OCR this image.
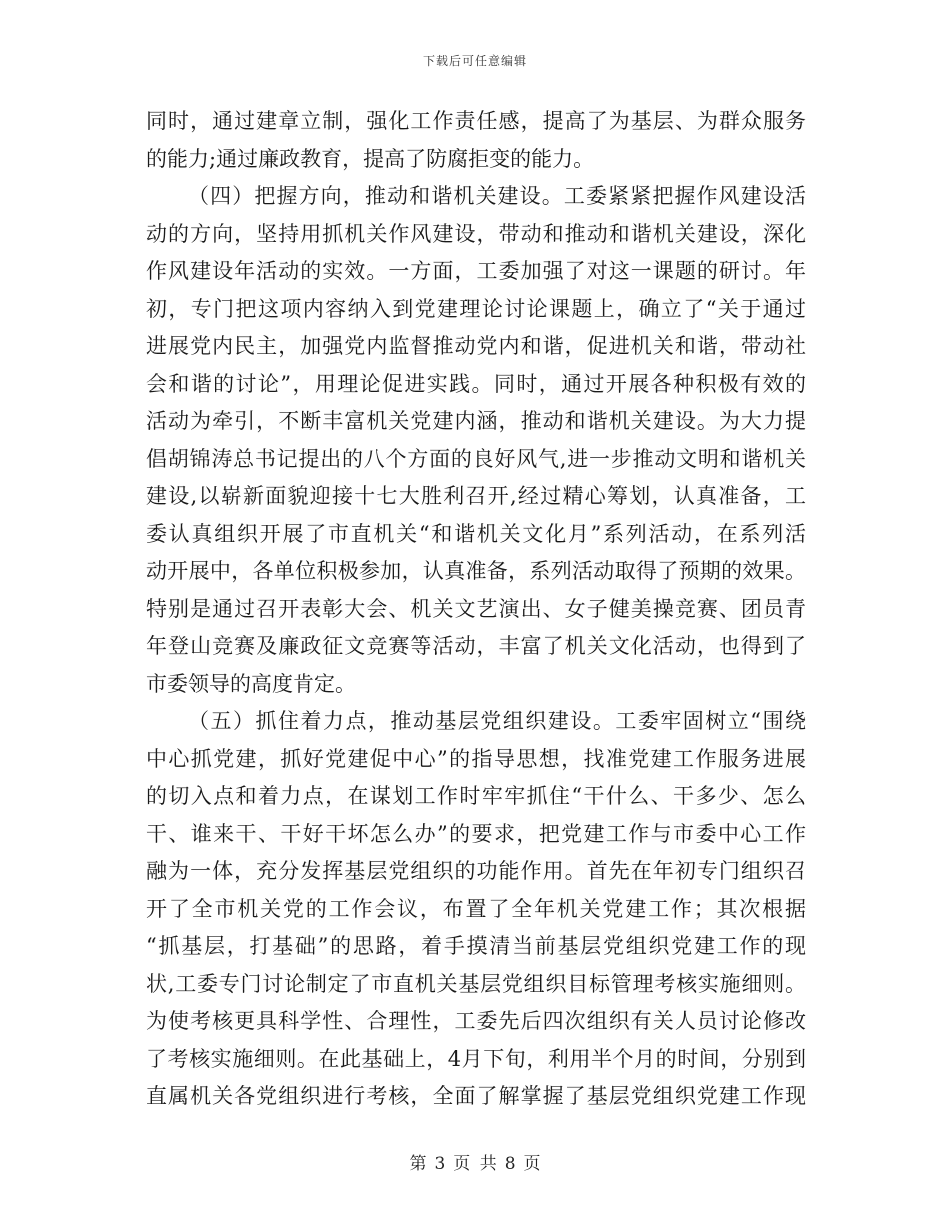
下载后可任意编辑
同时，通过建章立制，强化工作责任感，提高了为基层、为群众服务
的能力;通过廉政教育，提高了防腐拒变的能力。
（四）把握方向，推动和谐机关建设。工委紧紧把握作风建设活
动的方向，坚持用抓机关作风建设，带动和推动和谐机关建设，深化
作风建设年活动的实效。一方面，工委加强了对这一课题的研讨。年
初，专门把这项内容纳入到党建理论讨论课题上，确立了“关于通过
进展党内民主，加强党内监督推动党内和谐，促进机关和谐，带动社
会和谐的讨论”，用理论促进实践。同时，通过开展各种积极有效的
活动为牵引，不断丰富机关党建内涵，推动和谐机关建设。为大力提
倡胡锦涛总书记提出的八个方面的良好风气,进一步推动文明和谐机关
建设,以崭新面貌迎接十七大胜利召开,经过精心筹划，认真准备，工
委认真组织开展了市直机关“和谐机关文化月”系列活动，在系列活
动开展中，各单位积极参加，认真准备，系列活动取得了预期的效果。
特别是通过召开表彰大会、机关文艺演出、女子健美操竞赛、团员青
年登山竞赛及廉政征文竞赛等活动，丰富了机关文化活动，也得到了
市委领导的高度肯定。
（五）抓住着力点，推动基层党组织建设。工委牢固树立“围绕
中心抓党建，抓好党建促中心”的指导思想，找准党建工作服务进展
的切入点和着力点，在谋划工作时牢牢抓住“干什么、干多少、怎么
干、谁来干、干好干坏怎么办”的要求，把党建工作与市委中心工作
融为一体，充分发挥基层党组织的功能作用。首先在年初专门组织召
开了全市机关党的工作会议，布置了全年机关党建工作；其次根据
“抓基层，打基础”的思路，着手摸清当前基层党组织党建工作的现
状,工委专门讨论制定了市直机关基层党组织目标管理考核实施细则。
为使考核更具科学性、合理性，工委先后四次组织有关人员讨论修改
了考核实施细则。在此基础上，4月下旬，利用半个月的时间，分别到
直属机关各党组织进行考核，全面了解掌握了基层党组织党建工作现
第 3 页 共 8 页
